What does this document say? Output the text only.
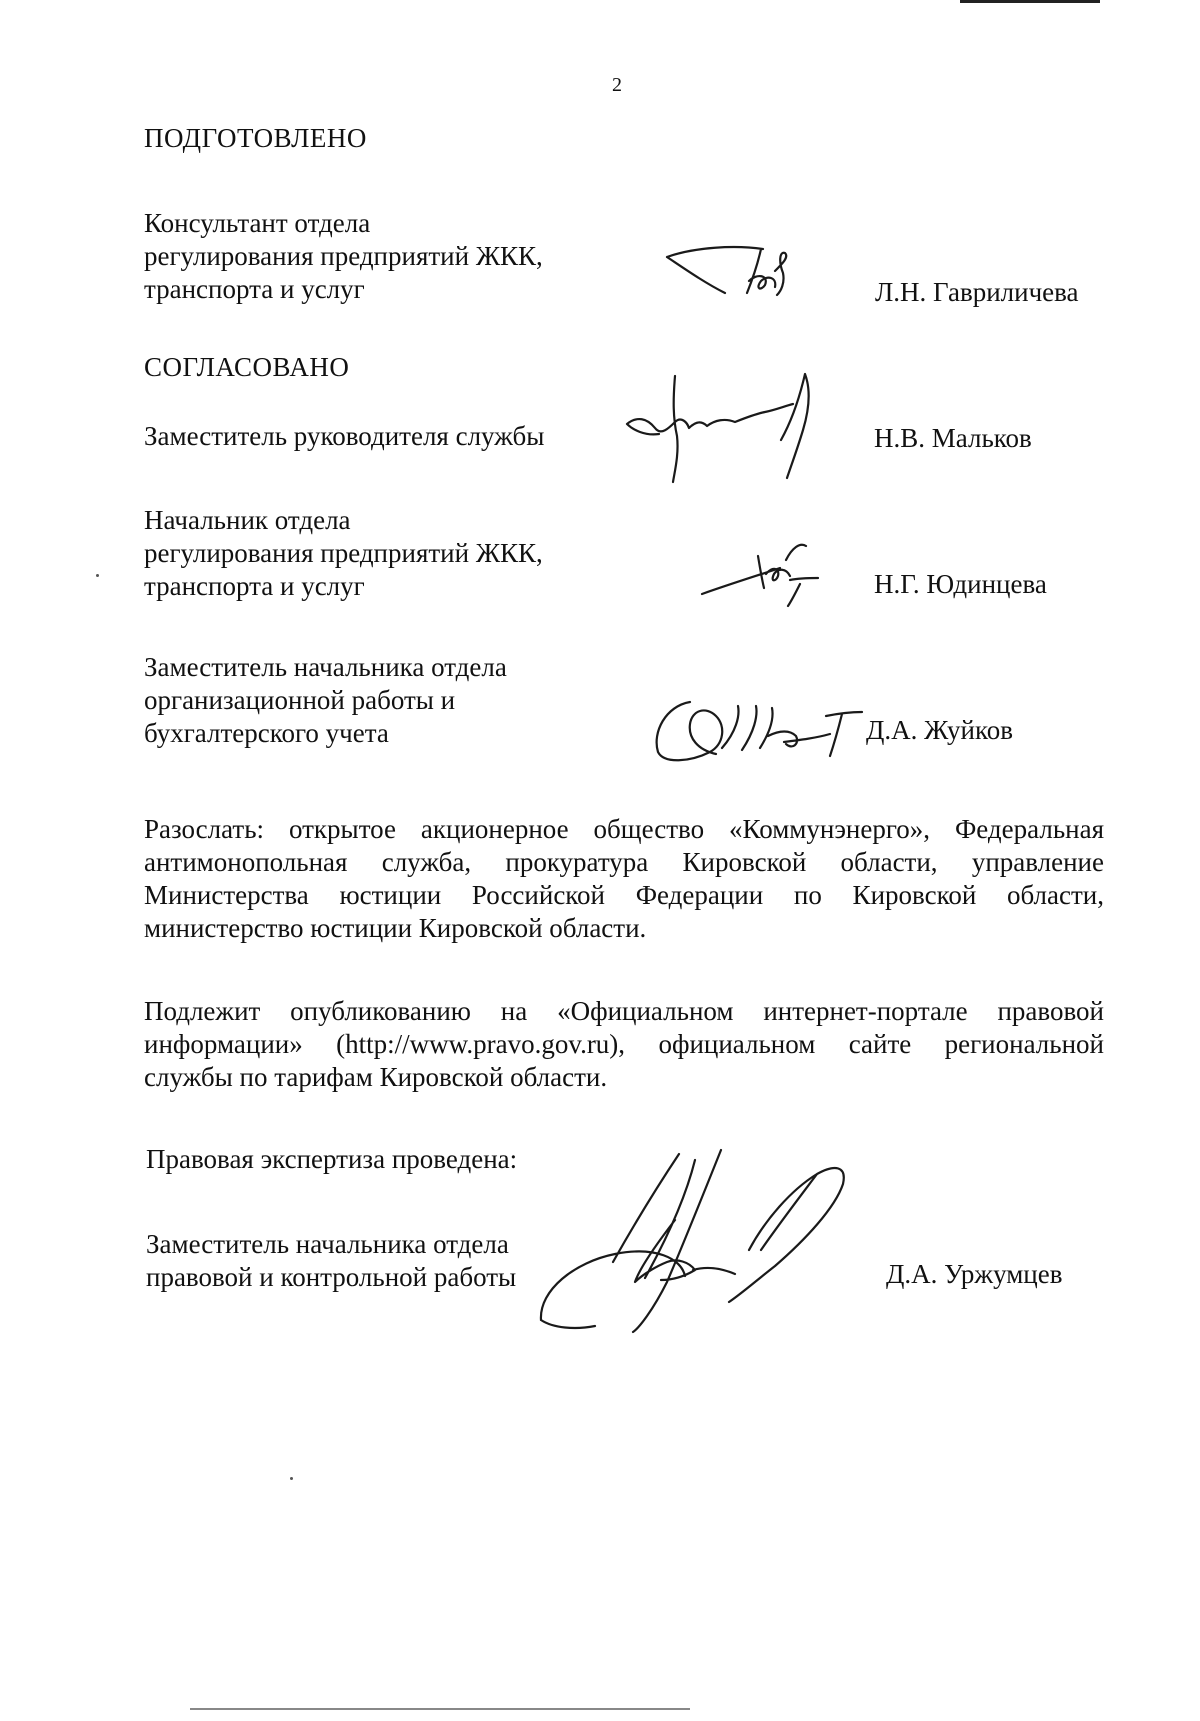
2
ПОДГОТОВЛЕНО
Консультант отдела
регулирования предприятий ЖКК,
транспорта и услуг	Л.Н. Гавриличева
СОГЛАСОВАНО
Заместитель руководителя службы	Н.В. Мальков
Начальник отдела
регулирования предприятий ЖКК,
транспорта и услуг	Н.Г. Юдинцева
Заместитель начальника отдела
организационной работы и
бухгалтерского учета	Д.А. Жуйков
Разослать: открытое акционерное общество «Коммунэнерго», Федеральная
антимонопольная служба, прокуратура Кировской области, управление
Министерства юстиции Российской Федерации по Кировской области,
министерство юстиции Кировской области.
Подлежит опубликованию на «Официальном интернет-портале правовой
информации» (http://www.pravo.gov.ru), официальном сайте региональной
службы по тарифам Кировской области.
Правовая экспертиза проведена:
Заместитель начальника отдела
правовой и контрольной работы	Д.А. Уржумцев
